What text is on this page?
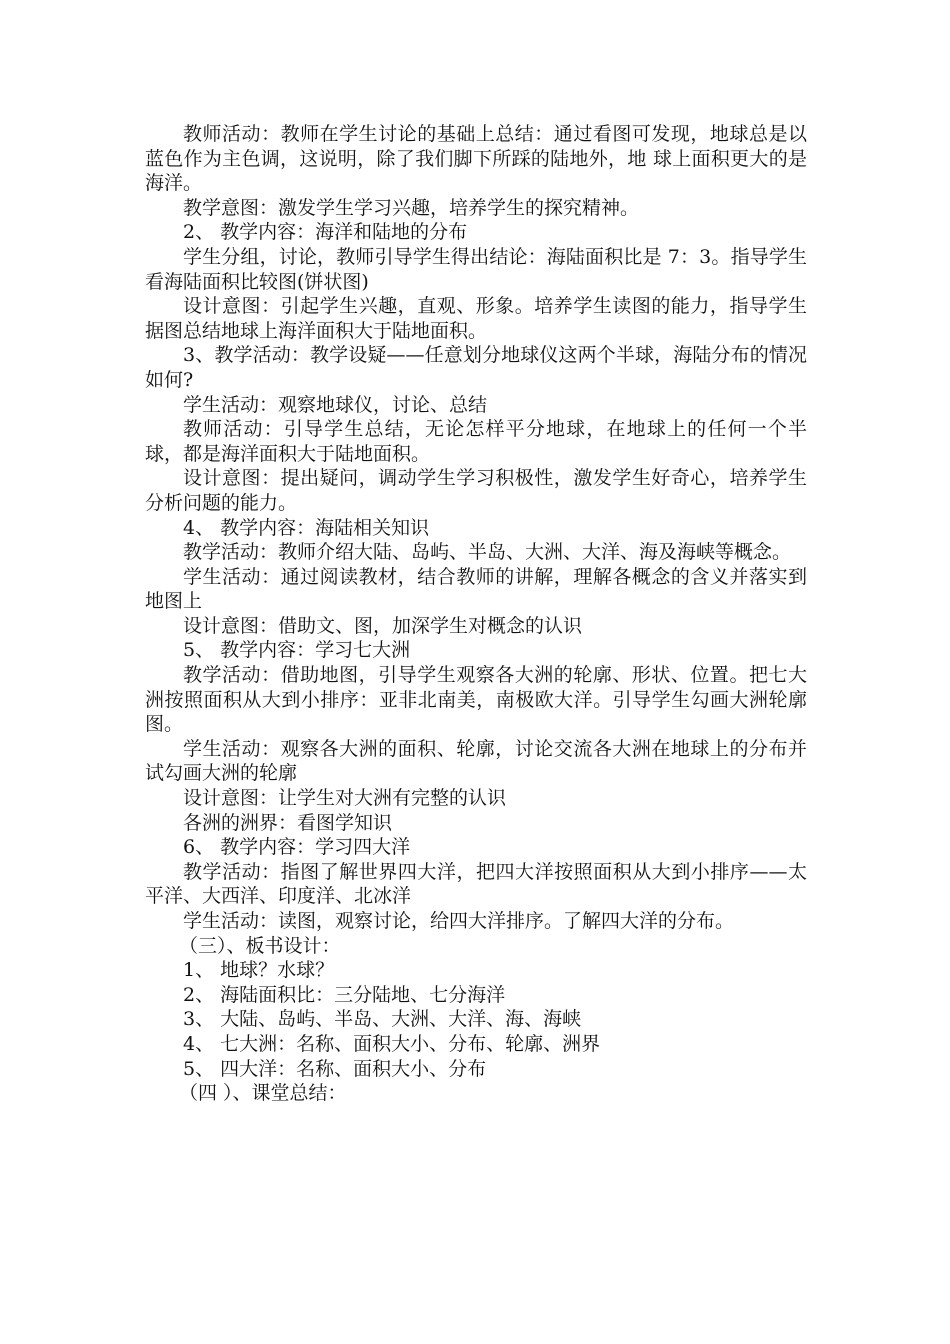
教师活动：教师在学生讨论的基础上总结：通过看图可发现，地球总是以蓝色作为主色调，这说明，除了我们脚下所踩的陆地外，地 球上面积更大的是海洋。

教学意图：激发学生学习兴趣，培养学生的探究精神。

2、 教学内容：海洋和陆地的分布

学生分组，讨论，教师引导学生得出结论：海陆面积比是 7：3。指导学生看海陆面积比较图(饼状图)

设计意图：引起学生兴趣，直观、形象。培养学生读图的能力，指导学生据图总结地球上海洋面积大于陆地面积。

3、教学活动：教学设疑——任意划分地球仪这两个半球，海陆分布的情况如何?

学生活动：观察地球仪，讨论、总结

教师活动：引导学生总结，无论怎样平分地球，在地球上的任何一个半球，都是海洋面积大于陆地面积。

设计意图：提出疑问，调动学生学习积极性，激发学生好奇心，培养学生分析问题的能力。

4、 教学内容：海陆相关知识

教学活动：教师介绍大陆、岛屿、半岛、大洲、大洋、海及海峡等概念。

学生活动：通过阅读教材，结合教师的讲解，理解各概念的含义并落实到地图上

设计意图：借助文、图，加深学生对概念的认识

5、 教学内容：学习七大洲

教学活动：借助地图，引导学生观察各大洲的轮廓、形状、位置。把七大洲按照面积从大到小排序：亚非北南美，南极欧大洋。引导学生勾画大洲轮廓图。

学生活动：观察各大洲的面积、轮廓，讨论交流各大洲在地球上的分布并试勾画大洲的轮廓

设计意图：让学生对大洲有完整的认识

各洲的洲界：看图学知识

6、 教学内容：学习四大洋

教学活动：指图了解世界四大洋，把四大洋按照面积从大到小排序——太平洋、大西洋、印度洋、北冰洋

学生活动：读图，观察讨论，给四大洋排序。了解四大洋的分布。

（三）、板书设计：

1、 地球？水球？

2、 海陆面积比：三分陆地、七分海洋

3、 大陆、岛屿、半岛、大洲、大洋、海、海峡

4、 七大洲：名称、面积大小、分布、轮廓、洲界

5、 四大洋：名称、面积大小、分布

（四 ）、课堂总结：
